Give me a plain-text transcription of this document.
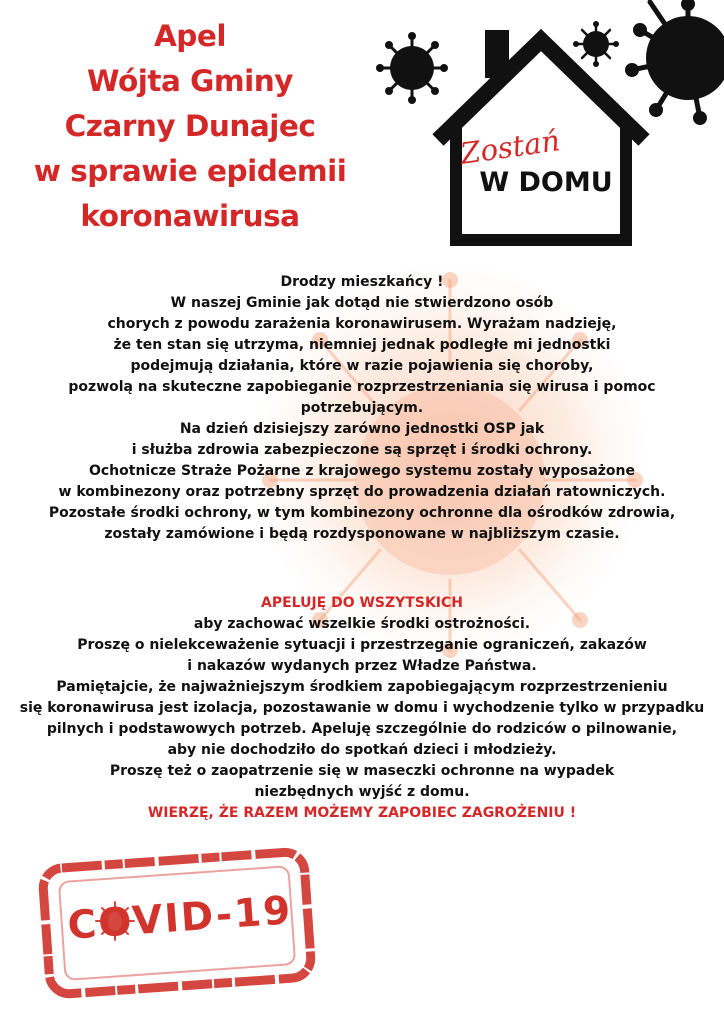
Apel
Wójta Gminy
Czarny Dunajec
w sprawie epidemii
koronawirusa
Zostań
W DOMU
Drodzy mieszkańcy !
W naszej Gminie jak dotąd nie stwierdzono osób
chorych z powodu zarażenia koronawirusem. Wyrażam nadzieję,
że ten stan się utrzyma, niemniej jednak podległe mi jednostki
podejmują działania, które w razie pojawienia się choroby,
pozwolą na skuteczne zapobieganie rozprzestrzeniania się wirusa i pomoc
potrzebującym.
Na dzień dzisiejszy zarówno jednostki OSP jak
i służba zdrowia zabezpieczone są sprzęt i środki ochrony.
Ochotnicze Straże Pożarne z krajowego systemu zostały wyposażone
w kombinezony oraz potrzebny sprzęt do prowadzenia działań ratowniczych.
Pozostałe środki ochrony, w tym kombinezony ochronne dla ośrodków zdrowia,
zostały zamówione i będą rozdysponowane w najbliższym czasie.
APELUJĘ DO WSZYTSKICH
aby zachować wszelkie środki ostrożności.
Proszę o nielekceważenie sytuacji i przestrzeganie ograniczeń, zakazów
i nakazów wydanych przez Władze Państwa.
Pamiętajcie, że najważniejszym środkiem zapobiegającym rozprzestrzenieniu
się koronawirusa jest izolacja, pozostawanie w domu i wychodzenie tylko w przypadku
pilnych i podstawowych potrzeb. Apeluję szczególnie do rodziców o pilnowanie,
aby nie dochodziło do spotkań dzieci i młodzieży.
Proszę też o zaopatrzenie się w maseczki ochronne na wypadek
niezbędnych wyjść z domu.
WIERZĘ, ŻE RAZEM MOŻEMY ZAPOBIEC ZAGROŻENIU !
COVID-19
